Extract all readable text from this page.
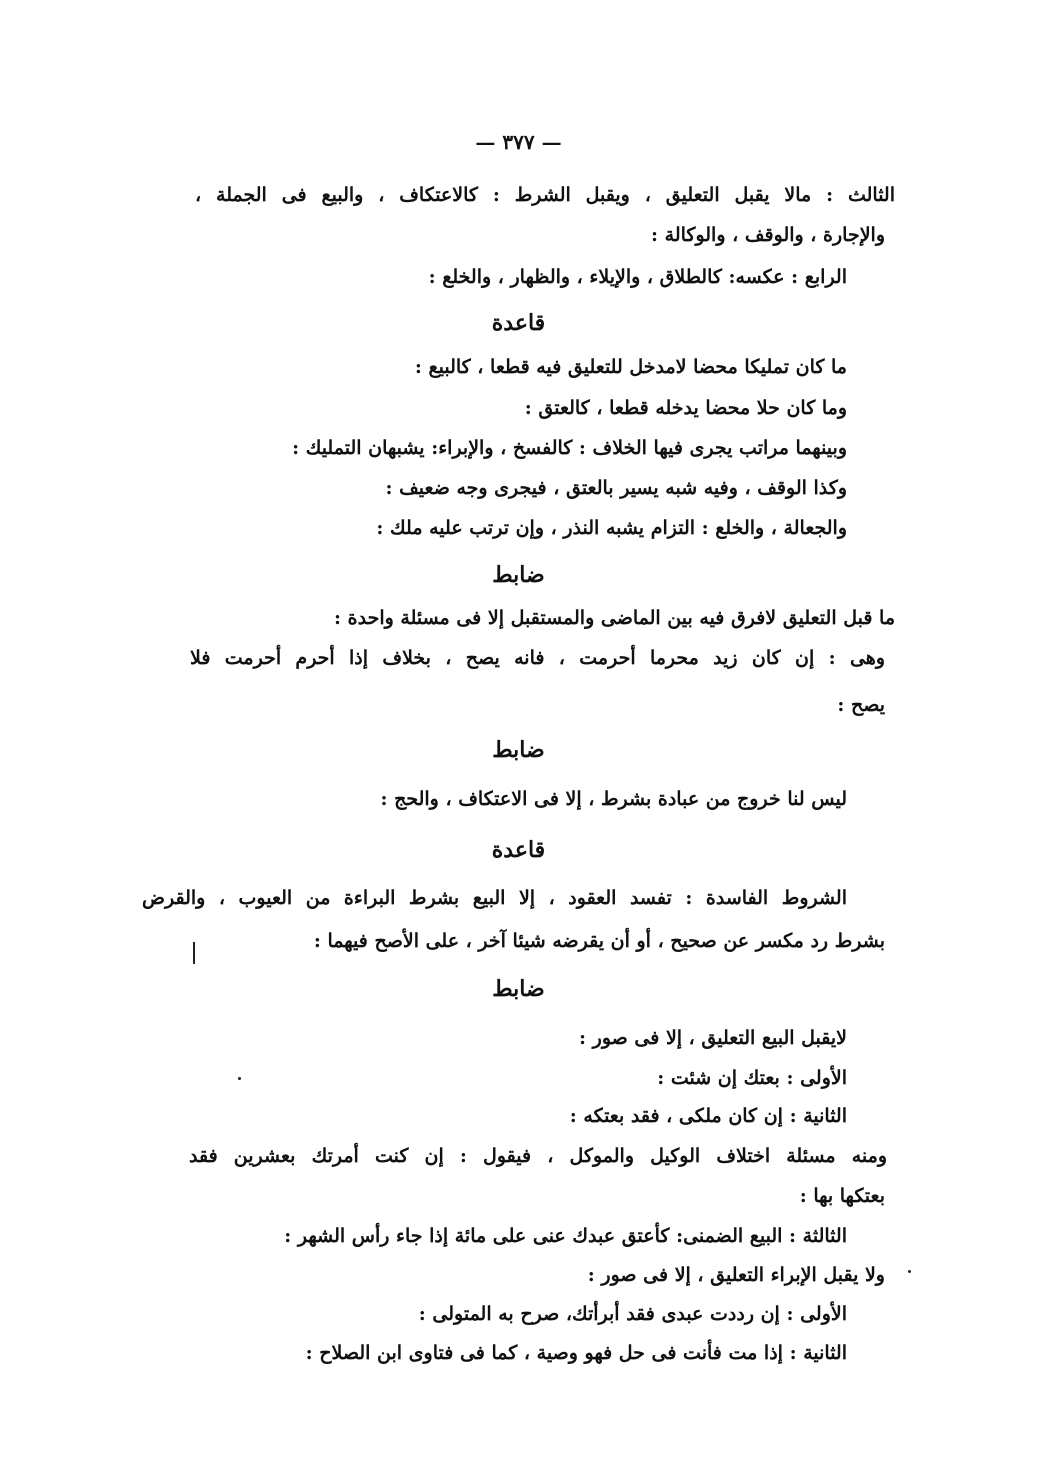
— ٣٧٧ —

الثالث : مالا يقبل التعليق ، ويقبل الشرط : كالاعتكاف ، والبيع فى الجملة ،

والإجارة ، والوقف ، والوكالة :

الرابع : عكسه: كالطلاق ، والإيلاء ، والظهار ، والخلع :

قاعدة

ما كان تمليكا محضا لامدخل للتعليق فيه قطعا ، كالبيع :

وما كان حلا محضا يدخله قطعا ، كالعتق :

وبينهما مراتب يجرى فيها الخلاف : كالفسخ ، والإبراء: يشبهان التمليك :

وكذا الوقف ، وفيه شبه يسير بالعتق ، فيجرى وجه ضعيف :

والجعالة ، والخلع : التزام يشبه النذر ، وإن ترتب عليه ملك :

ضابط

ما قبل التعليق لافرق فيه بين الماضى والمستقبل إلا فى مسئلة واحدة :

وهى : إن كان زيد محرما أحرمت ، فانه يصح ، بخلاف إذا أحرم أحرمت فلا

يصح :

ضابط

ليس لنا خروج من عبادة بشرط ، إلا فى الاعتكاف ، والحج :

قاعدة

الشروط الفاسدة : تفسد العقود ، إلا البيع بشرط البراءة من العيوب ، والقرض

بشرط رد مكسر عن صحيح ، أو أن يقرضه شيئا آخر ، على الأصح فيهما :

ضابط

لايقبل البيع التعليق ، إلا فى صور :

الأولى : بعتك إن شئت :

الثانية : إن كان ملكى ، فقد بعتكه :

ومنه مسئلة اختلاف الوكيل والموكل ، فيقول : إن كنت أمرتك بعشرين فقد

بعتكها بها :

الثالثة : البيع الضمنى: كأعتق عبدك عنى على مائة إذا جاء رأس الشهر :

ولا يقبل الإبراء التعليق ، إلا فى صور :

الأولى : إن رددت عبدى فقد أبرأتك، صرح به المتولى :

الثانية : إذا مت فأنت فى حل فهو وصية ، كما فى فتاوى ابن الصلاح :
